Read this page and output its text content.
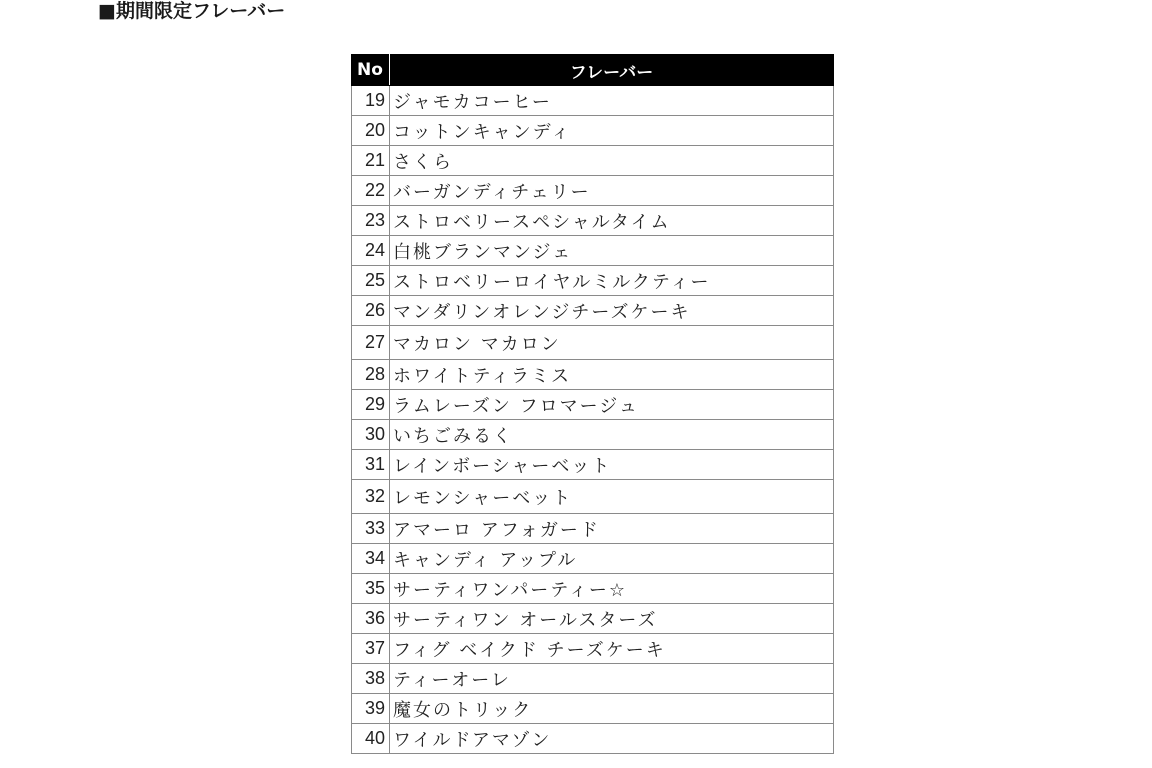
■期間限定フレーバー
No	フレーバー
19	ジャモカコーヒー
20	コットンキャンディ
21	さくら
22	バーガンディチェリー
23	ストロベリースペシャルタイム
24	白桃ブランマンジェ
25	ストロベリーロイヤルミルクティー
26	マンダリンオレンジチーズケーキ
27	マカロン マカロン
28	ホワイトティラミス
29	ラムレーズン フロマージュ
30	いちごみるく
31	レインボーシャーベット
32	レモンシャーベット
33	アマーロ アフォガード
34	キャンディ アップル
35	サーティワンパーティー☆
36	サーティワン オールスターズ
37	フィグ ベイクド チーズケーキ
38	ティーオーレ
39	魔女のトリック
40	ワイルドアマゾン
